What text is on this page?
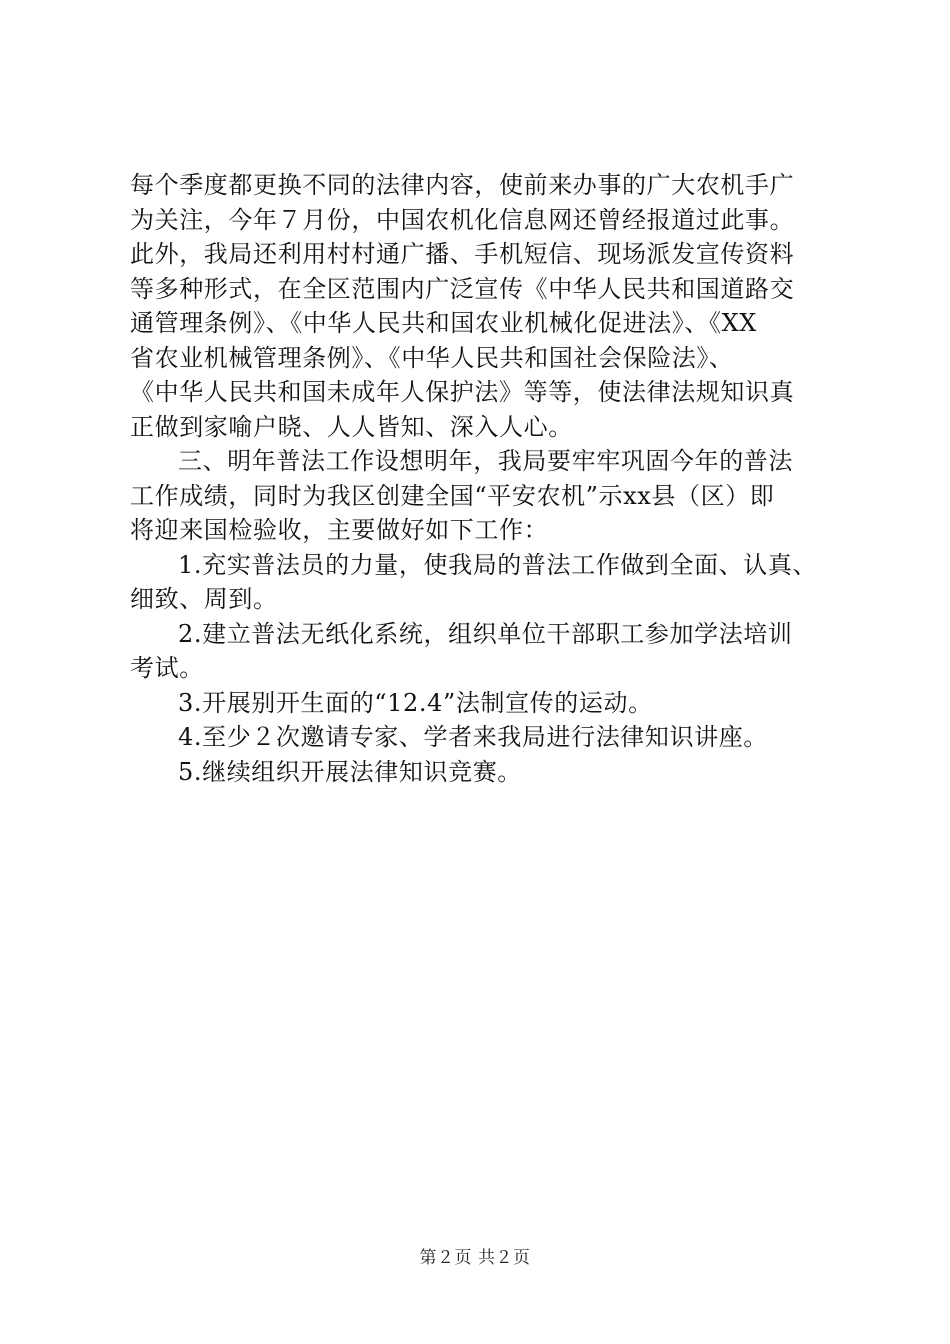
每个季度都更换不同的法律内容，使前来办事的广大农机手广
为关注，今年７月份，中国农机化信息网还曾经报道过此事。
此外，我局还利用村村通广播、手机短信、现场派发宣传资料
等多种形式，在全区范围内广泛宣传《中华人民共和国道路交
通管理条例》、《中华人民共和国农业机械化促进法》、《XX
省农业机械管理条例》、《中华人民共和国社会保险法》、
《中华人民共和国未成年人保护法》等等，使法律法规知识真
正做到家喻户晓、人人皆知、深入人心。
三、明年普法工作设想明年，我局要牢牢巩固今年的普法
工作成绩，同时为我区创建全国“平安农机”示xx县（区）即
将迎来国检验收，主要做好如下工作：
1.充实普法员的力量，使我局的普法工作做到全面、认真、
细致、周到。
2.建立普法无纸化系统，组织单位干部职工参加学法培训
考试。
3.开展别开生面的“12.4”法制宣传的运动。
4.至少２次邀请专家、学者来我局进行法律知识讲座。
5.继续组织开展法律知识竞赛。
第２页 共２页
